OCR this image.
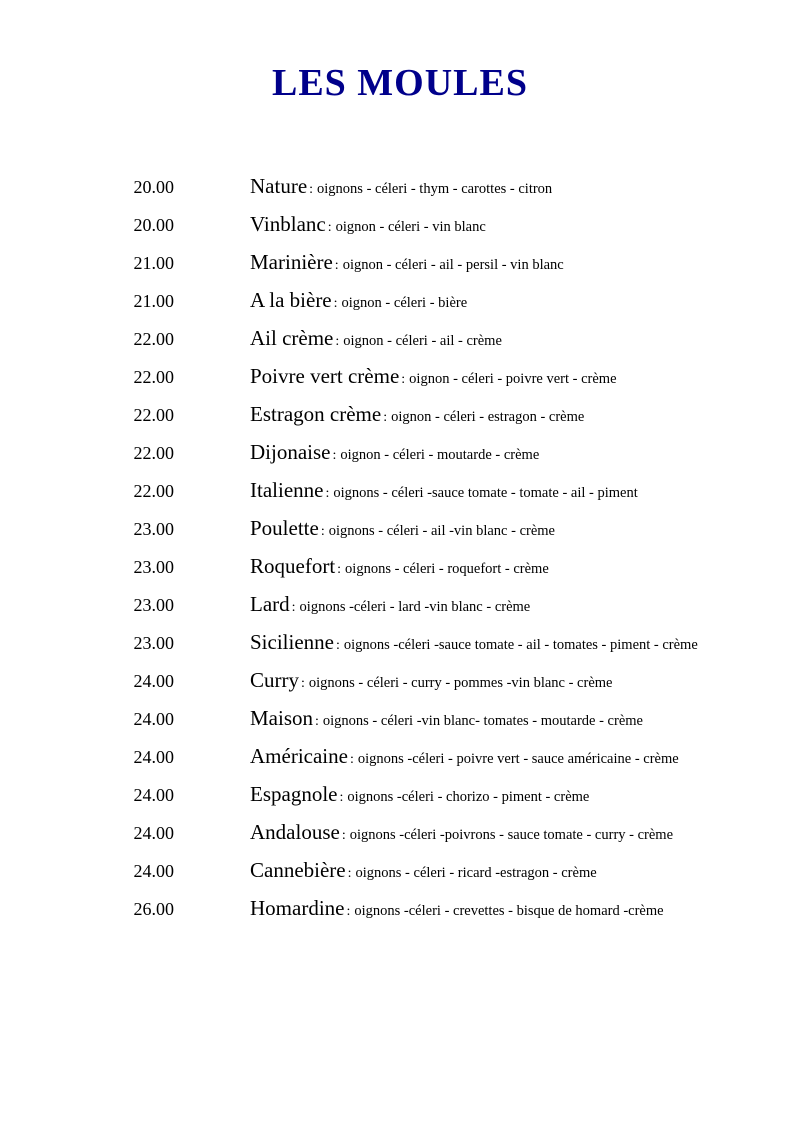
LES MOULES
20.00	Nature : oignons - céleri - thym - carottes - citron
20.00	Vinblanc : oignon - céleri - vin blanc
21.00	Marinière : oignon - céleri - ail - persil - vin blanc
21.00	A la bière : oignon - céleri - bière
22.00	Ail crème : oignon - céleri - ail - crème
22.00	Poivre vert crème : oignon - céleri - poivre vert - crème
22.00	Estragon crème : oignon - céleri - estragon - crème
22.00	Dijonaise : oignon - céleri - moutarde - crème
22.00	Italienne : oignons - céleri -sauce tomate - tomate - ail - piment
23.00	Poulette : oignons - céleri - ail -vin blanc - crème
23.00	Roquefort : oignons - céleri - roquefort - crème
23.00	Lard : oignons -céleri - lard -vin blanc - crème
23.00	Sicilienne : oignons -céleri -sauce tomate - ail - tomates - piment - crème
24.00	Curry : oignons - céleri - curry - pommes -vin blanc - crème
24.00	Maison : oignons - céleri -vin blanc- tomates - moutarde - crème
24.00	Américaine : oignons -céleri - poivre vert - sauce américaine - crème
24.00	Espagnole : oignons -céleri - chorizo - piment - crème
24.00	Andalouse : oignons -céleri -poivrons - sauce tomate - curry - crème
24.00	Cannebière : oignons - céleri - ricard -estragon - crème
26.00	Homardine : oignons -céleri - crevettes - bisque de homard -crème
